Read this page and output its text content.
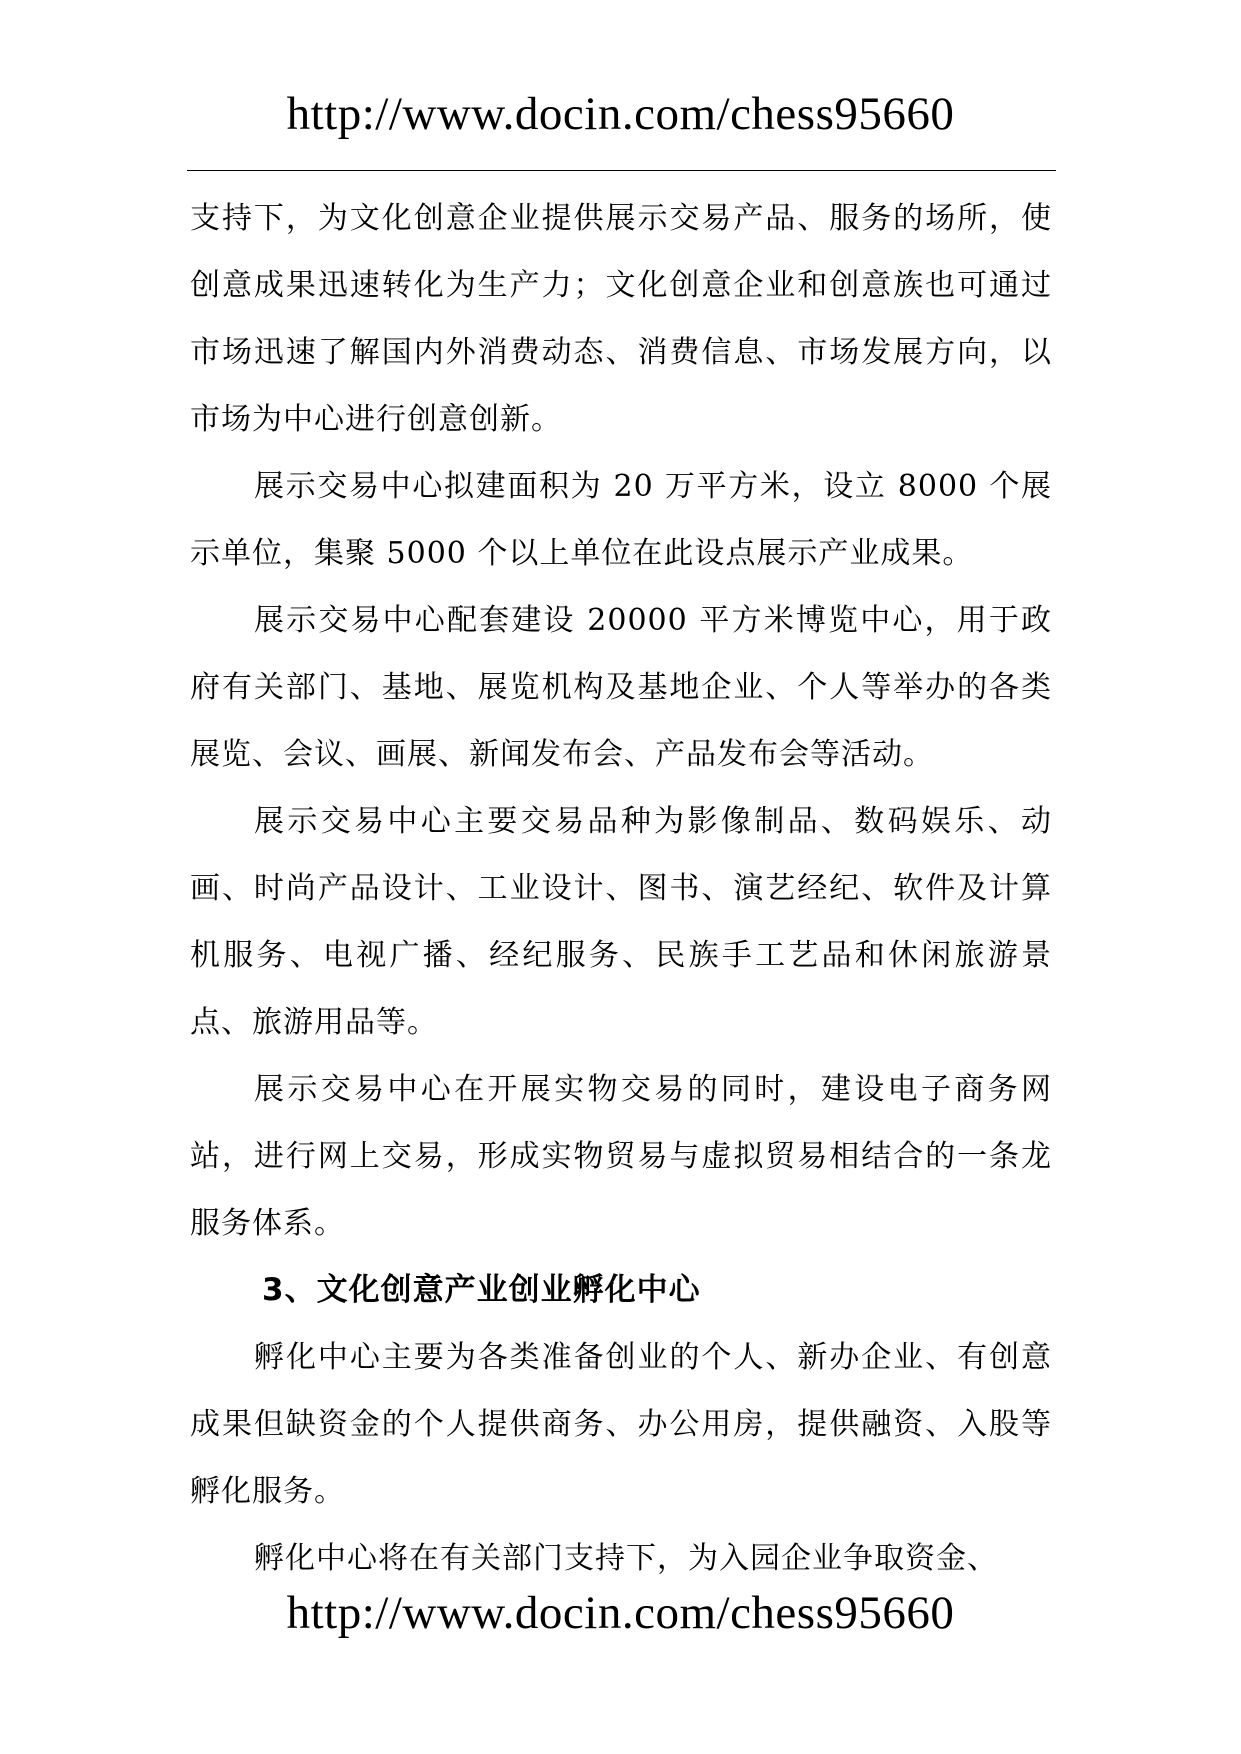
http://www.docin.com/chess95660

支持下，为文化创意企业提供展示交易产品、服务的场所，使创意成果迅速转化为生产力；文化创意企业和创意族也可通过市场迅速了解国内外消费动态、消费信息、市场发展方向，以市场为中心进行创意创新。

展示交易中心拟建面积为 20 万平方米，设立 8000 个展示单位，集聚 5000 个以上单位在此设点展示产业成果。

展示交易中心配套建设 20000 平方米博览中心，用于政府有关部门、基地、展览机构及基地企业、个人等举办的各类展览、会议、画展、新闻发布会、产品发布会等活动。

展示交易中心主要交易品种为影像制品、数码娱乐、动画、时尚产品设计、工业设计、图书、演艺经纪、软件及计算机服务、电视广播、经纪服务、民族手工艺品和休闲旅游景点、旅游用品等。

展示交易中心在开展实物交易的同时，建设电子商务网站，进行网上交易，形成实物贸易与虚拟贸易相结合的一条龙服务体系。

3、文化创意产业创业孵化中心

孵化中心主要为各类准备创业的个人、新办企业、有创意成果但缺资金的个人提供商务、办公用房，提供融资、入股等孵化服务。

孵化中心将在有关部门支持下，为入园企业争取资金、

http://www.docin.com/chess95660
